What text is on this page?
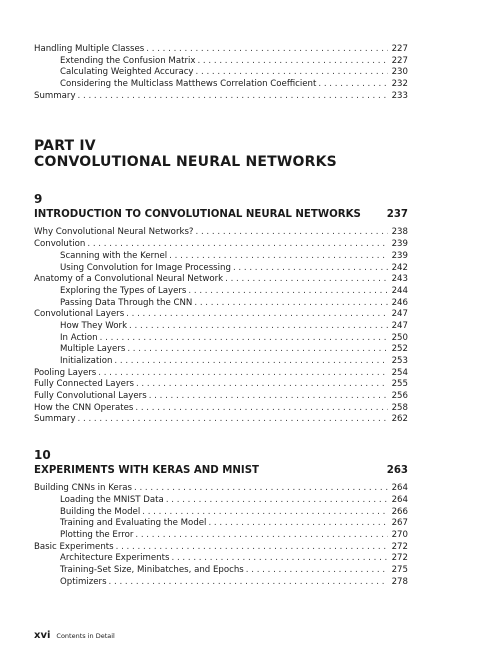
Handling Multiple Classes . . .	227
Extending the Confusion Matrix . . .	227
Calculating Weighted Accuracy . . .	230
Considering the Multiclass Matthews Correlation Coefficient . . .	232
Summary . . .	233
PART IV
CONVOLUTIONAL NEURAL NETWORKS
9
INTRODUCTION TO CONVOLUTIONAL NEURAL NETWORKS	237
Why Convolutional Neural Networks? . . .	238
Convolution . . .	239
Scanning with the Kernel . . .	239
Using Convolution for Image Processing . . .	242
Anatomy of a Convolutional Neural Network . . .	243
Exploring the Types of Layers . . .	244
Passing Data Through the CNN . . .	246
Convolutional Layers . . .	247
How They Work . . .	247
In Action . . .	250
Multiple Layers . . .	252
Initialization . . .	253
Pooling Layers . . .	254
Fully Connected Layers . . .	255
Fully Convolutional Layers . . .	256
How the CNN Operates . . .	258
Summary . . .	262
10
EXPERIMENTS WITH KERAS AND MNIST	263
Building CNNs in Keras . . .	264
Loading the MNIST Data . . .	264
Building the Model . . .	266
Training and Evaluating the Model . . .	267
Plotting the Error . . .	270
Basic Experiments . . .	272
Architecture Experiments . . .	272
Training-Set Size, Minibatches, and Epochs . . .	275
Optimizers . . .	278
xvi Contents in Detail
